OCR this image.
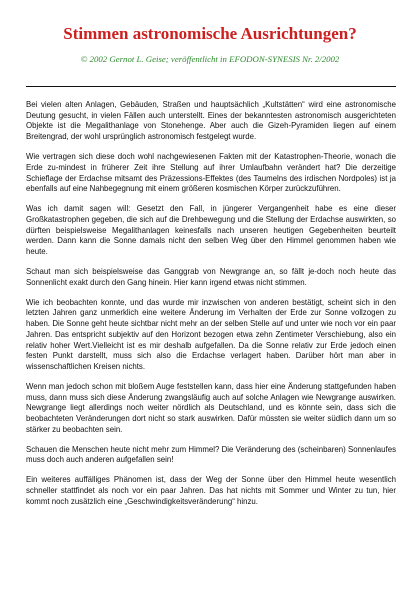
Stimmen astronomische Ausrichtungen?
© 2002 Gernot L. Geise; veröffentlicht in EFODON-SYNESIS Nr. 2/2002

Bei vielen alten Anlagen, Gebäuden, Straßen und hauptsächlich „Kultstätten“ wird eine astronomische Deutung gesucht, in vielen Fällen auch unterstellt. Eines der bekanntesten astronomisch ausgerichteten Objekte ist die Megalithanlage von Stonehenge. Aber auch die Gizeh-Pyramiden liegen auf einem Breitengrad, der wohl ursprünglich astronomisch festgelegt wurde.

Wie vertragen sich diese doch wohl nachgewiesenen Fakten mit der Katastrophen-Theorie, wonach die Erde zu-mindest in früherer Zeit ihre Stellung auf ihrer Umlaufbahn verändert hat? Die derzeitige Schieflage der Erdachse mitsamt des Präzessions-Effektes (des Taumelns des irdischen Nordpoles) ist ja ebenfalls auf eine Nahbegegnung mit einem größeren kosmischen Körper zurückzuführen.

Was ich damit sagen will: Gesetzt den Fall, in jüngerer Vergangenheit habe es eine dieser Großkatastrophen gegeben, die sich auf die Drehbewegung und die Stellung der Erdachse auswirkten, so dürften beispielsweise Megalithanlagen keinesfalls nach unseren heutigen Gegebenheiten beurteilt werden. Dann kann die Sonne damals nicht den selben Weg über den Himmel genommen haben wie heute.

Schaut man sich beispielsweise das Ganggrab von Newgrange an, so fällt je-doch noch heute das Sonnenlicht exakt durch den Gang hinein. Hier kann irgend etwas nicht stimmen.

Wie ich beobachten konnte, und das wurde mir inzwischen von anderen bestätigt, scheint sich in den letzten Jahren ganz unmerklich eine weitere Änderung im Verhalten der Erde zur Sonne vollzogen zu haben. Die Sonne geht heute sichtbar nicht mehr an der selben Stelle auf und unter wie noch vor ein paar Jahren. Das entspricht subjektiv auf den Horizont bezogen etwa zehn Zentimeter Verschiebung, also ein relativ hoher Wert.Vielleicht ist es mir deshalb aufgefallen. Da die Sonne relativ zur Erde jedoch einen festen Punkt darstellt, muss sich also die Erdachse verlagert haben. Darüber hört man aber in wissenschaftlichen Kreisen nichts.

Wenn man jedoch schon mit bloßem Auge feststellen kann, dass hier eine Änderung stattgefunden haben muss, dann muss sich diese Änderung zwangsläufig auch auf solche Anlagen wie Newgrange auswirken. Newgrange liegt allerdings noch weiter nördlich als Deutschland, und es könnte sein, dass sich die beobachteten Veränderungen dort nicht so stark auswirken. Dafür müssten sie weiter südlich dann um so stärker zu beobachten sein.

Schauen die Menschen heute nicht mehr zum Himmel? Die Veränderung des (scheinbaren) Sonnenlaufes muss doch auch anderen aufgefallen sein!

Ein weiteres auffälliges Phänomen ist, dass der Weg der Sonne über den Himmel heute wesentlich schneller stattfindet als noch vor ein paar Jahren. Das hat nichts mit Sommer und Winter zu tun, hier kommt noch zusätzlich eine „Geschwindigkeitsveränderung“ hinzu.
